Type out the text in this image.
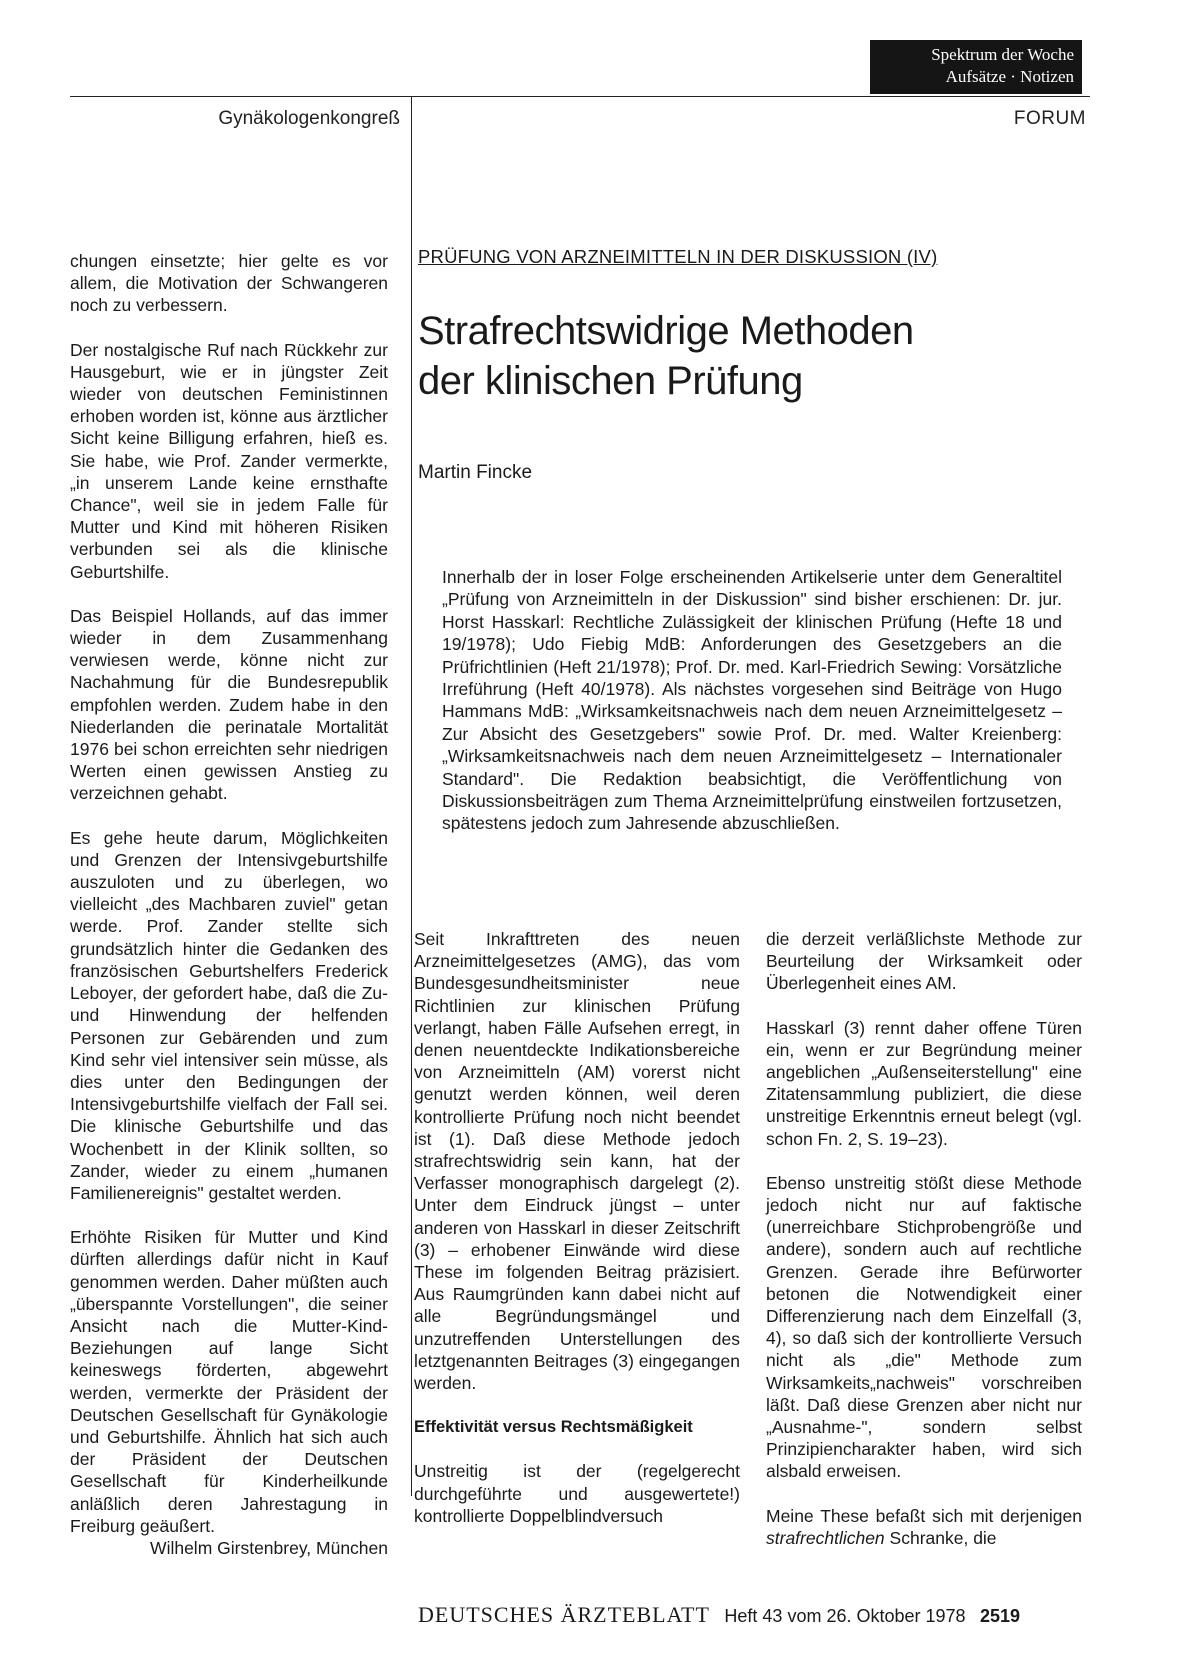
Spektrum der Woche
Aufsätze · Notizen
Gynäkologenkongreß	FORUM

chungen einsetzte; hier gelte es vor allem, die Motivation der Schwangeren noch zu verbessern.

Der nostalgische Ruf nach Rückkehr zur Hausgeburt, wie er in jüngster Zeit wieder von deutschen Feministinnen erhoben worden ist, könne aus ärztlicher Sicht keine Billigung erfahren, hieß es. Sie habe, wie Prof. Zander vermerkte, „in unserem Lande keine ernsthafte Chance", weil sie in jedem Falle für Mutter und Kind mit höheren Risiken verbunden sei als die klinische Geburtshilfe.

Das Beispiel Hollands, auf das immer wieder in dem Zusammenhang verwiesen werde, könne nicht zur Nachahmung für die Bundesrepublik empfohlen werden. Zudem habe in den Niederlanden die perinatale Mortalität 1976 bei schon erreichten sehr niedrigen Werten einen gewissen Anstieg zu verzeichnen gehabt.

Es gehe heute darum, Möglichkeiten und Grenzen der Intensivgeburtshilfe auszuloten und zu überlegen, wo vielleicht „des Machbaren zuviel" getan werde. Prof. Zander stellte sich grundsätzlich hinter die Gedanken des französischen Geburtshelfers Frederick Leboyer, der gefordert habe, daß die Zu- und Hinwendung der helfenden Personen zur Gebärenden und zum Kind sehr viel intensiver sein müsse, als dies unter den Bedingungen der Intensivgeburtshilfe vielfach der Fall sei. Die klinische Geburtshilfe und das Wochenbett in der Klinik sollten, so Zander, wieder zu einem „humanen Familienereignis" gestaltet werden.

Erhöhte Risiken für Mutter und Kind dürften allerdings dafür nicht in Kauf genommen werden. Daher müßten auch „überspannte Vorstellungen", die seiner Ansicht nach die Mutter-Kind-Beziehungen auf lange Sicht keineswegs förderten, abgewehrt werden, vermerkte der Präsident der Deutschen Gesellschaft für Gynäkologie und Geburtshilfe. Ähnlich hat sich auch der Präsident der Deutschen Gesellschaft für Kinderheilkunde anläßlich deren Jahrestagung in Freiburg geäußert.

Wilhelm Girstenbrey, München

PRÜFUNG VON ARZNEIMITTELN IN DER DISKUSSION (IV)
Strafrechtswidrige Methoden
der klinischen Prüfung
Martin Fincke

Innerhalb der in loser Folge erscheinenden Artikelserie unter dem Generaltitel „Prüfung von Arzneimitteln in der Diskussion" sind bisher erschienen: Dr. jur. Horst Hasskarl: Rechtliche Zulässigkeit der klinischen Prüfung (Hefte 18 und 19/1978); Udo Fiebig MdB: Anforderungen des Gesetzgebers an die Prüfrichtlinien (Heft 21/1978); Prof. Dr. med. Karl-Friedrich Sewing: Vorsätzliche Irreführung (Heft 40/1978). Als nächstes vorgesehen sind Beiträge von Hugo Hammans MdB: „Wirksamkeitsnachweis nach dem neuen Arzneimittelgesetz – Zur Absicht des Gesetzgebers" sowie Prof. Dr. med. Walter Kreienberg: „Wirksamkeitsnachweis nach dem neuen Arzneimittelgesetz – Internationaler Standard". Die Redaktion beabsichtigt, die Veröffentlichung von Diskussionsbeiträgen zum Thema Arzneimittelprüfung einstweilen fortzusetzen, spätestens jedoch zum Jahresende abzuschließen.

Seit Inkrafttreten des neuen Arzneimittelgesetzes (AMG), das vom Bundesgesundheitsminister neue Richtlinien zur klinischen Prüfung verlangt, haben Fälle Aufsehen erregt, in denen neuentdeckte Indikationsbereiche von Arzneimitteln (AM) vorerst nicht genutzt werden können, weil deren kontrollierte Prüfung noch nicht beendet ist (1). Daß diese Methode jedoch strafrechtswidrig sein kann, hat der Verfasser monographisch dargelegt (2). Unter dem Eindruck jüngst – unter anderen von Hasskarl in dieser Zeitschrift (3) – erhobener Einwände wird diese These im folgenden Beitrag präzisiert. Aus Raumgründen kann dabei nicht auf alle Begründungsmängel und unzutreffenden Unterstellungen des letztgenannten Beitrages (3) eingegangen werden.

Effektivität versus Rechtsmäßigkeit

Unstreitig ist der (regelgerecht durchgeführte und ausgewertete!) kontrollierte Doppelblindversuch

die derzeit verläßlichste Methode zur Beurteilung der Wirksamkeit oder Überlegenheit eines AM.

Hasskarl (3) rennt daher offene Türen ein, wenn er zur Begründung meiner angeblichen „Außenseiterstellung" eine Zitatensammlung publiziert, die diese unstreitige Erkenntnis erneut belegt (vgl. schon Fn. 2, S. 19–23).

Ebenso unstreitig stößt diese Methode jedoch nicht nur auf faktische (unerreichbare Stichprobengröße und andere), sondern auch auf rechtliche Grenzen. Gerade ihre Befürworter betonen die Notwendigkeit einer Differenzierung nach dem Einzelfall (3, 4), so daß sich der kontrollierte Versuch nicht als „die" Methode zum Wirksamkeits„nachweis" vorschreiben läßt. Daß diese Grenzen aber nicht nur „Ausnahme-", sondern selbst Prinzipiencharakter haben, wird sich alsbald erweisen.

Meine These befaßt sich mit derjenigen strafrechtlichen Schranke, die

DEUTSCHES ÄRZTEBLATT Heft 43 vom 26. Oktober 1978 2519
